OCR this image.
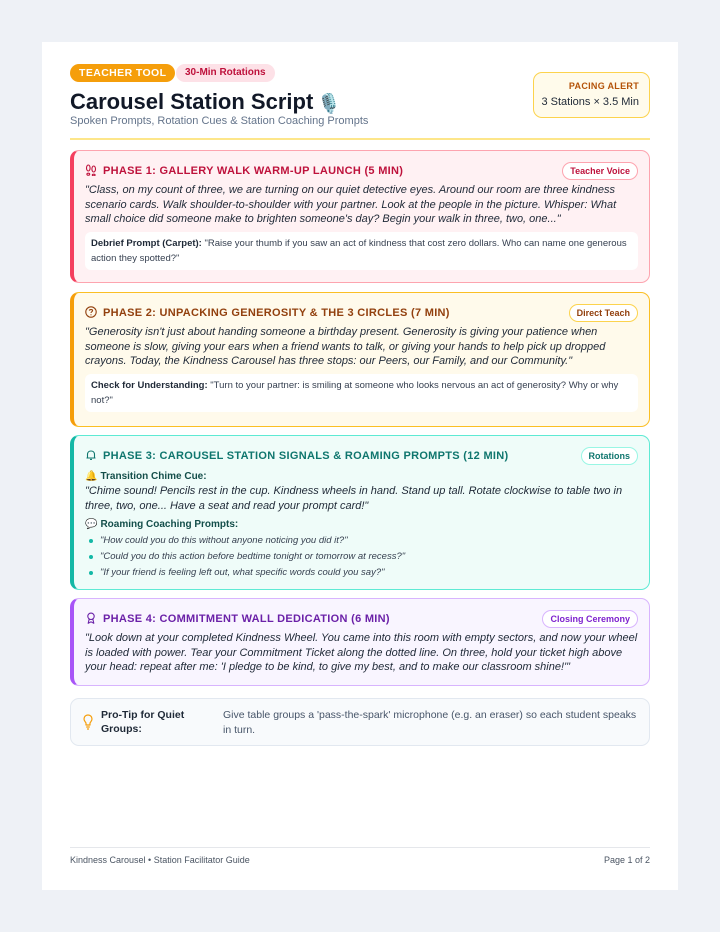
TEACHER TOOL	30-Min Rotations
Carousel Station Script 🎙️
Spoken Prompts, Rotation Cues & Station Coaching Prompts
PACING ALERT
3 Stations × 3.5 Min
PHASE 1: GALLERY WALK WARM-UP LAUNCH (5 MIN)	Teacher Voice

"Class, on my count of three, we are turning on our quiet detective eyes. Around our room are three kindness scenario cards. Walk shoulder-to-shoulder with your partner. Look at the people in the picture. Whisper: What small choice did someone make to brighten someone's day? Begin your walk in three, two, one..."

Debrief Prompt (Carpet): "Raise your thumb if you saw an act of kindness that cost zero dollars. Who can name one generous action they spotted?"
PHASE 2: UNPACKING GENEROSITY & THE 3 CIRCLES (7 MIN)	Direct Teach

"Generosity isn't just about handing someone a birthday present. Generosity is giving your patience when someone is slow, giving your ears when a friend wants to talk, or giving your hands to help pick up dropped crayons. Today, the Kindness Carousel has three stops: our Peers, our Family, and our Community."

Check for Understanding: "Turn to your partner: is smiling at someone who looks nervous an act of generosity? Why or why not?"
PHASE 3: CAROUSEL STATION SIGNALS & ROAMING PROMPTS (12 MIN)	Rotations
🔔 Transition Chime Cue:

"Chime sound! Pencils rest in the cup. Kindness wheels in hand. Stand up tall. Rotate clockwise to table two in three, two, one... Have a seat and read your prompt card!"

💬 Roaming Coaching Prompts:
"How could you do this without anyone noticing you did it?"
"Could you do this action before bedtime tonight or tomorrow at recess?"
"If your friend is feeling left out, what specific words could you say?"
PHASE 4: COMMITMENT WALL DEDICATION (6 MIN)	Closing Ceremony

"Look down at your completed Kindness Wheel. You came into this room with empty sectors, and now your wheel is loaded with power. Tear your Commitment Ticket along the dotted line. On three, hold your ticket high above your head: repeat after me: 'I pledge to be kind, to give my best, and to make our classroom shine!'"

Pro-Tip for Quiet Groups:
Give table groups a 'pass-the-spark' microphone (e.g. an eraser) so each student speaks in turn.
Kindness Carousel • Station Facilitator Guide	Page 1 of 2
